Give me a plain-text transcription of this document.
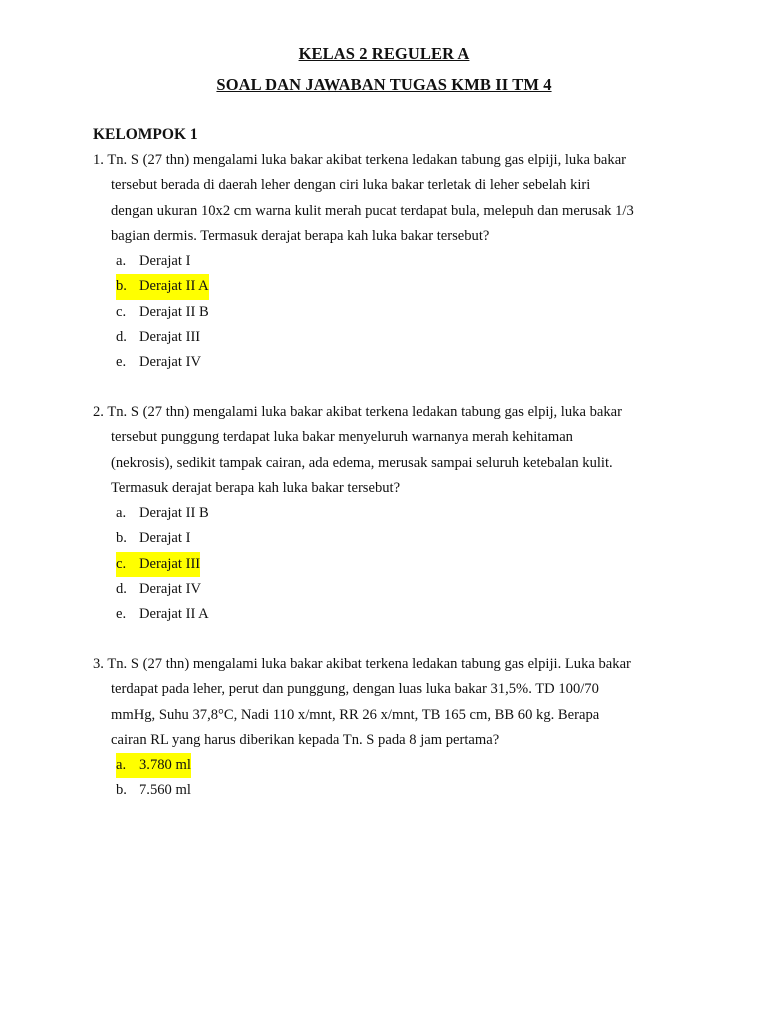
KELAS 2 REGULER A
SOAL DAN JAWABAN TUGAS KMB II TM 4
KELOMPOK 1
1. Tn. S (27 thn) mengalami luka bakar akibat terkena ledakan tabung gas elpiji, luka bakar
tersebut berada di daerah leher dengan ciri luka bakar terletak di leher sebelah kiri
dengan ukuran 10x2 cm warna kulit merah pucat terdapat bula, melepuh dan merusak 1/3
bagian dermis. Termasuk derajat berapa kah luka bakar tersebut?
a. Derajat I
b. Derajat II A
c. Derajat II B
d. Derajat III
e. Derajat IV
2. Tn. S (27 thn) mengalami luka bakar akibat terkena ledakan tabung gas elpij, luka bakar
tersebut punggung terdapat luka bakar menyeluruh warnanya merah kehitaman
(nekrosis), sedikit tampak cairan, ada edema, merusak sampai seluruh ketebalan kulit.
Termasuk derajat berapa kah luka bakar tersebut?
a. Derajat II B
b. Derajat I
c. Derajat III
d. Derajat IV
e. Derajat II A
3. Tn. S (27 thn) mengalami luka bakar akibat terkena ledakan tabung gas elpiji. Luka bakar
terdapat pada leher, perut dan punggung, dengan luas luka bakar 31,5%. TD 100/70
mmHg, Suhu 37,8°C, Nadi 110 x/mnt, RR 26 x/mnt, TB 165 cm, BB 60 kg. Berapa
cairan RL yang harus diberikan kepada Tn. S pada 8 jam pertama?
a. 3.780 ml
b. 7.560 ml
